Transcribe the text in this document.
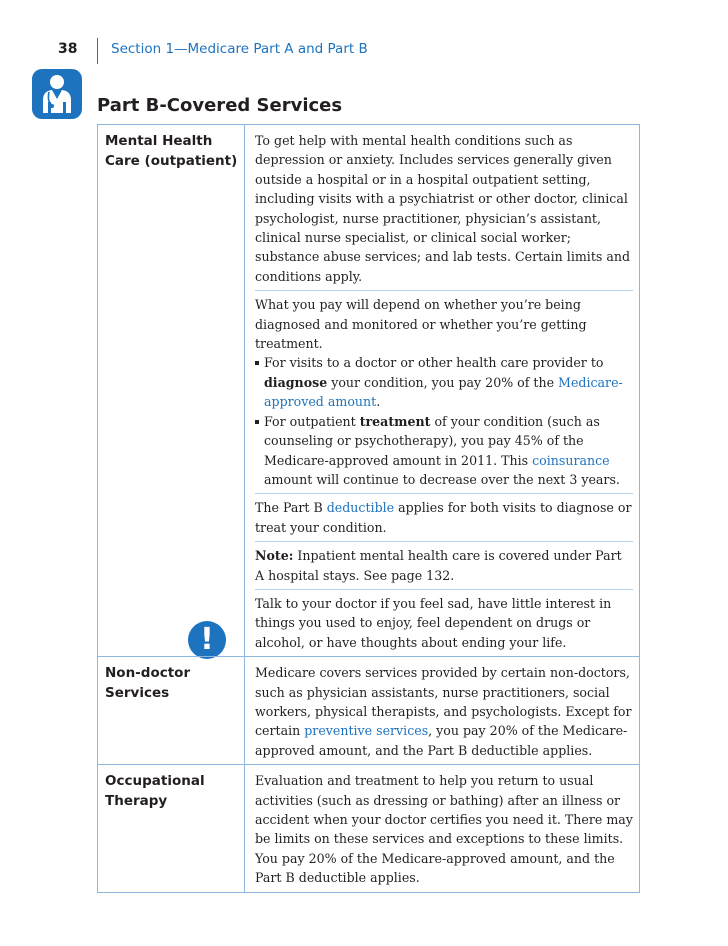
38 Section 1—Medicare Part A and Part B
Part B-Covered Services
Mental Health Care (outpatient)
!

To get help with mental health conditions such as depression or anxiety. Includes services generally given outside a hospital or in a hospital outpatient setting, including visits with a psychiatrist or other doctor, clinical psychologist, nurse practitioner, physician’s assistant, clinical nurse specialist, or clinical social worker; substance abuse services; and lab tests. Certain limits and conditions apply.

What you pay will depend on whether you’re being diagnosed and monitored or whether you’re getting treatment.

For visits to a doctor or other health care provider to diagnose your condition, you pay 20% of the Medicare-approved amount.

For outpatient treatment of your condition (such as counseling or psychotherapy), you pay 45% of the Medicare-approved amount in 2011. This coinsurance amount will continue to decrease over the next 3 years.

The Part B deductible applies for both visits to diagnose or treat your condition.

Note: Inpatient mental health care is covered under Part A hospital stays. See page 132.

Talk to your doctor if you feel sad, have little interest in things you used to enjoy, feel dependent on drugs or alcohol, or have thoughts about ending your life.

Non-doctor Services

Medicare covers services provided by certain non-doctors, such as physician assistants, nurse practitioners, social workers, physical therapists, and psychologists. Except for certain preventive services, you pay 20% of the Medicare-approved amount, and the Part B deductible applies.

Occupational Therapy

Evaluation and treatment to help you return to usual activities (such as dressing or bathing) after an illness or accident when your doctor certifies you need it. There may be limits on these services and exceptions to these limits. You pay 20% of the Medicare-approved amount, and the Part B deductible applies.
